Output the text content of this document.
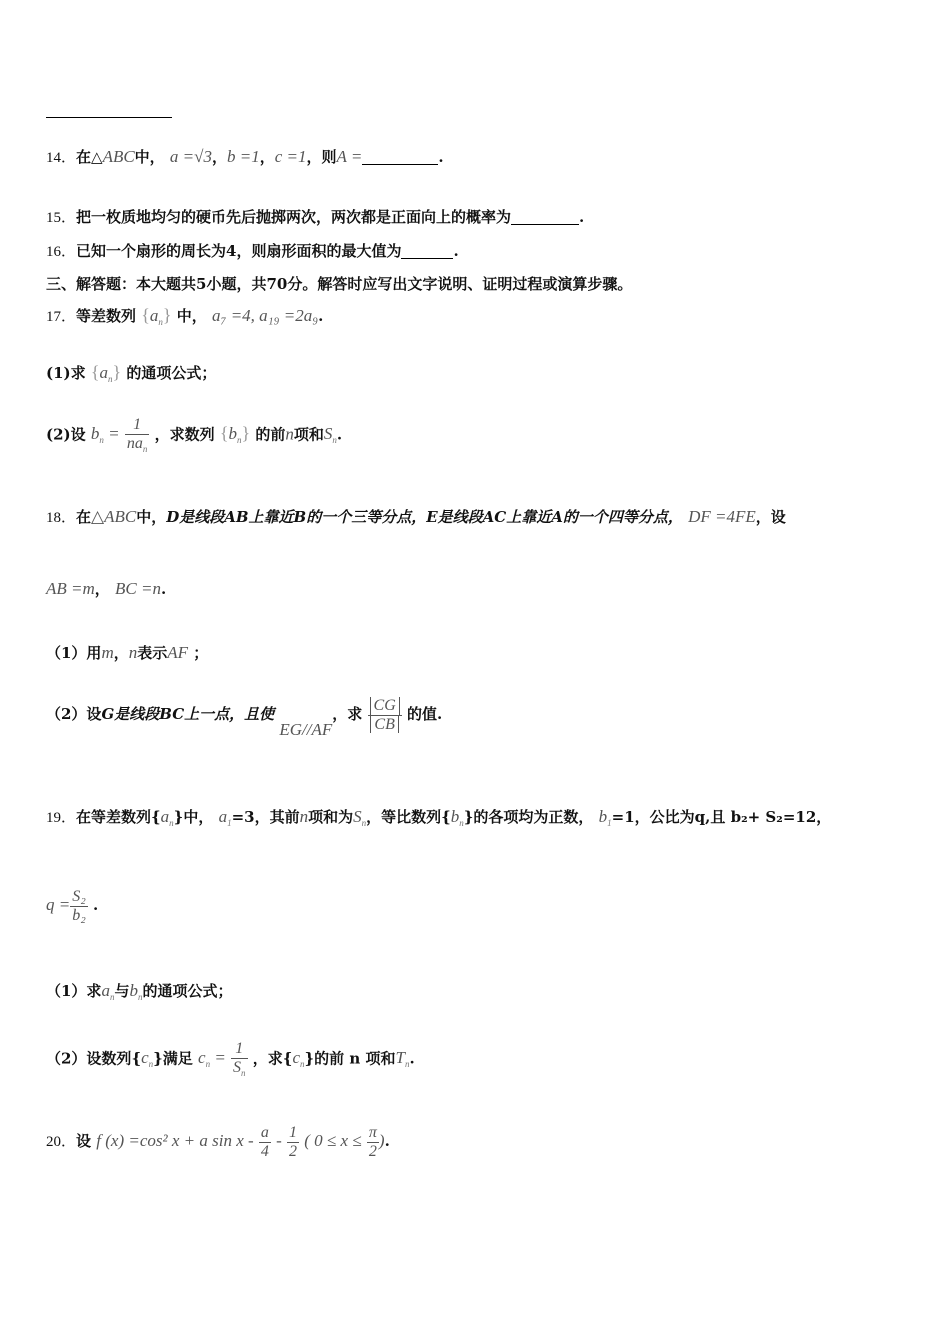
14．在△ABC中， a =√3，b =1，c =1，则A =	.
15．把一枚质地均匀的硬币先后抛掷两次，两次都是正面向上的概率为	.
16．已知一个扇形的周长为4，则扇形面积的最大值为	.
三、解答题：本大题共5小题，共70分。解答时应写出文字说明、证明过程或演算步骤。
17．等差数列 $\{a_n\}$ 中， a₇ =4, a₁₉ =2a₉.
(1)求 $\{a_n\}$ 的通项公式；
(2)设 $b_n = \frac{1}{na_n}$ ，求数列 $\{b_n\}$ 的前n项和$S_n$.
18．在△ABC中，D是线段AB上靠近B的一个三等分点，E是线段AC上靠近A的一个四等分点， DF =4FE，设
AB =m， BC =n.
（1）用m，n表示AF ；
（2）设G是线段BC上一点，且使 EG//AF，求 $\frac{CG}{CB}$ 的值.
19．在等差数列$\{a_n\}$中， $a_1=3$，其前n项和为$S_n$，等比数列$\{b_n\}$的各项均为正数， $b_1=1$，公比为q,且 b₂+ S₂=12，
$q = \frac{\text{S₂}}{\text{b₂}}$ .
（1）求$a_n$与$b_n$的通项公式；
（2）设数列$\{c_n\}$满足 $c_n = \frac{1}{S_n}$ ，求$\{c_n\}$的前 n 项和$T_n$.
20．设 f (x) =cos² x + a sin x - $\frac{a}{4} - \frac{1}{2}$ ( $0 \le x \le \frac{\pi}{2}$ ).
